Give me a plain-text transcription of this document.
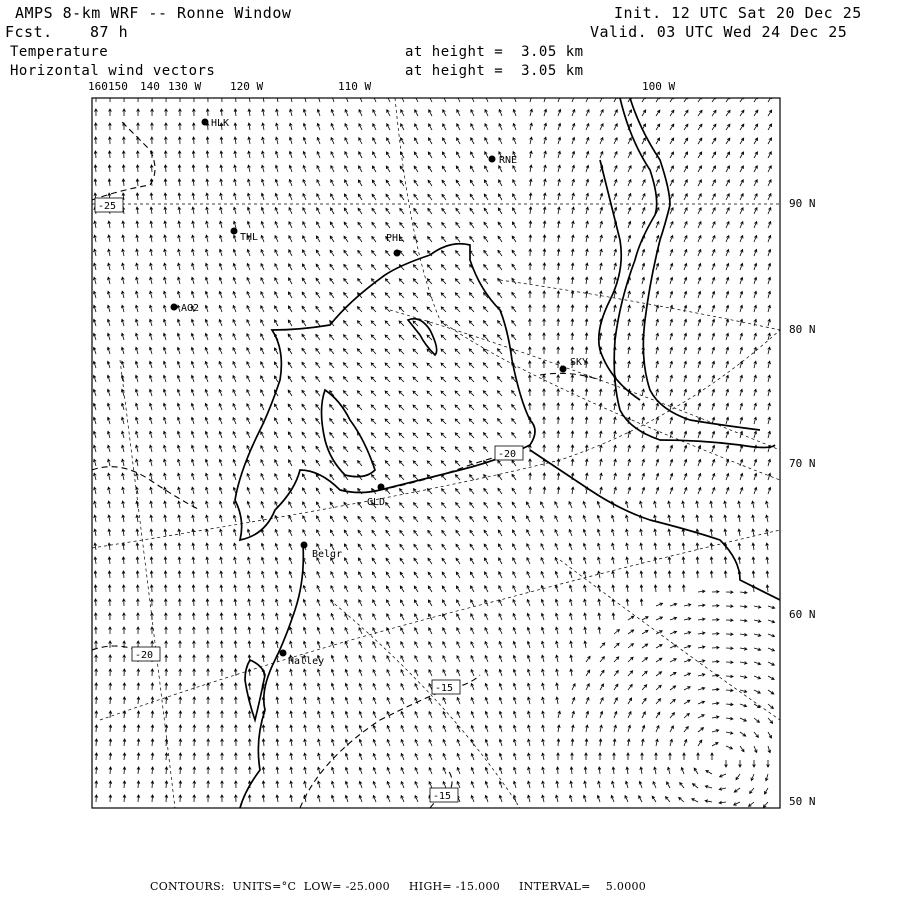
AMPS 8-km WRF -- Ronne Window
Fcst. 87 h
Init. 12 UTC Sat 20 Dec 25
Valid. 03 UTC Wed 24 Dec 25
Temperature
Horizontal wind vectors
at height =  3.05 km
at height =  3.05 km
160 150 140 130 W	120 W	110 W	100 W
90 N
80 N
70 N
60 N
50 N
HLK
RNE
THL	PHL
AG2
SKY
GLD
Belgr
Halley
-25
-20
-20
-15
-15
CONTOURS: UNITS=°C LOW= -25.000 HIGH= -15.000 INTERVAL=    5.0000
